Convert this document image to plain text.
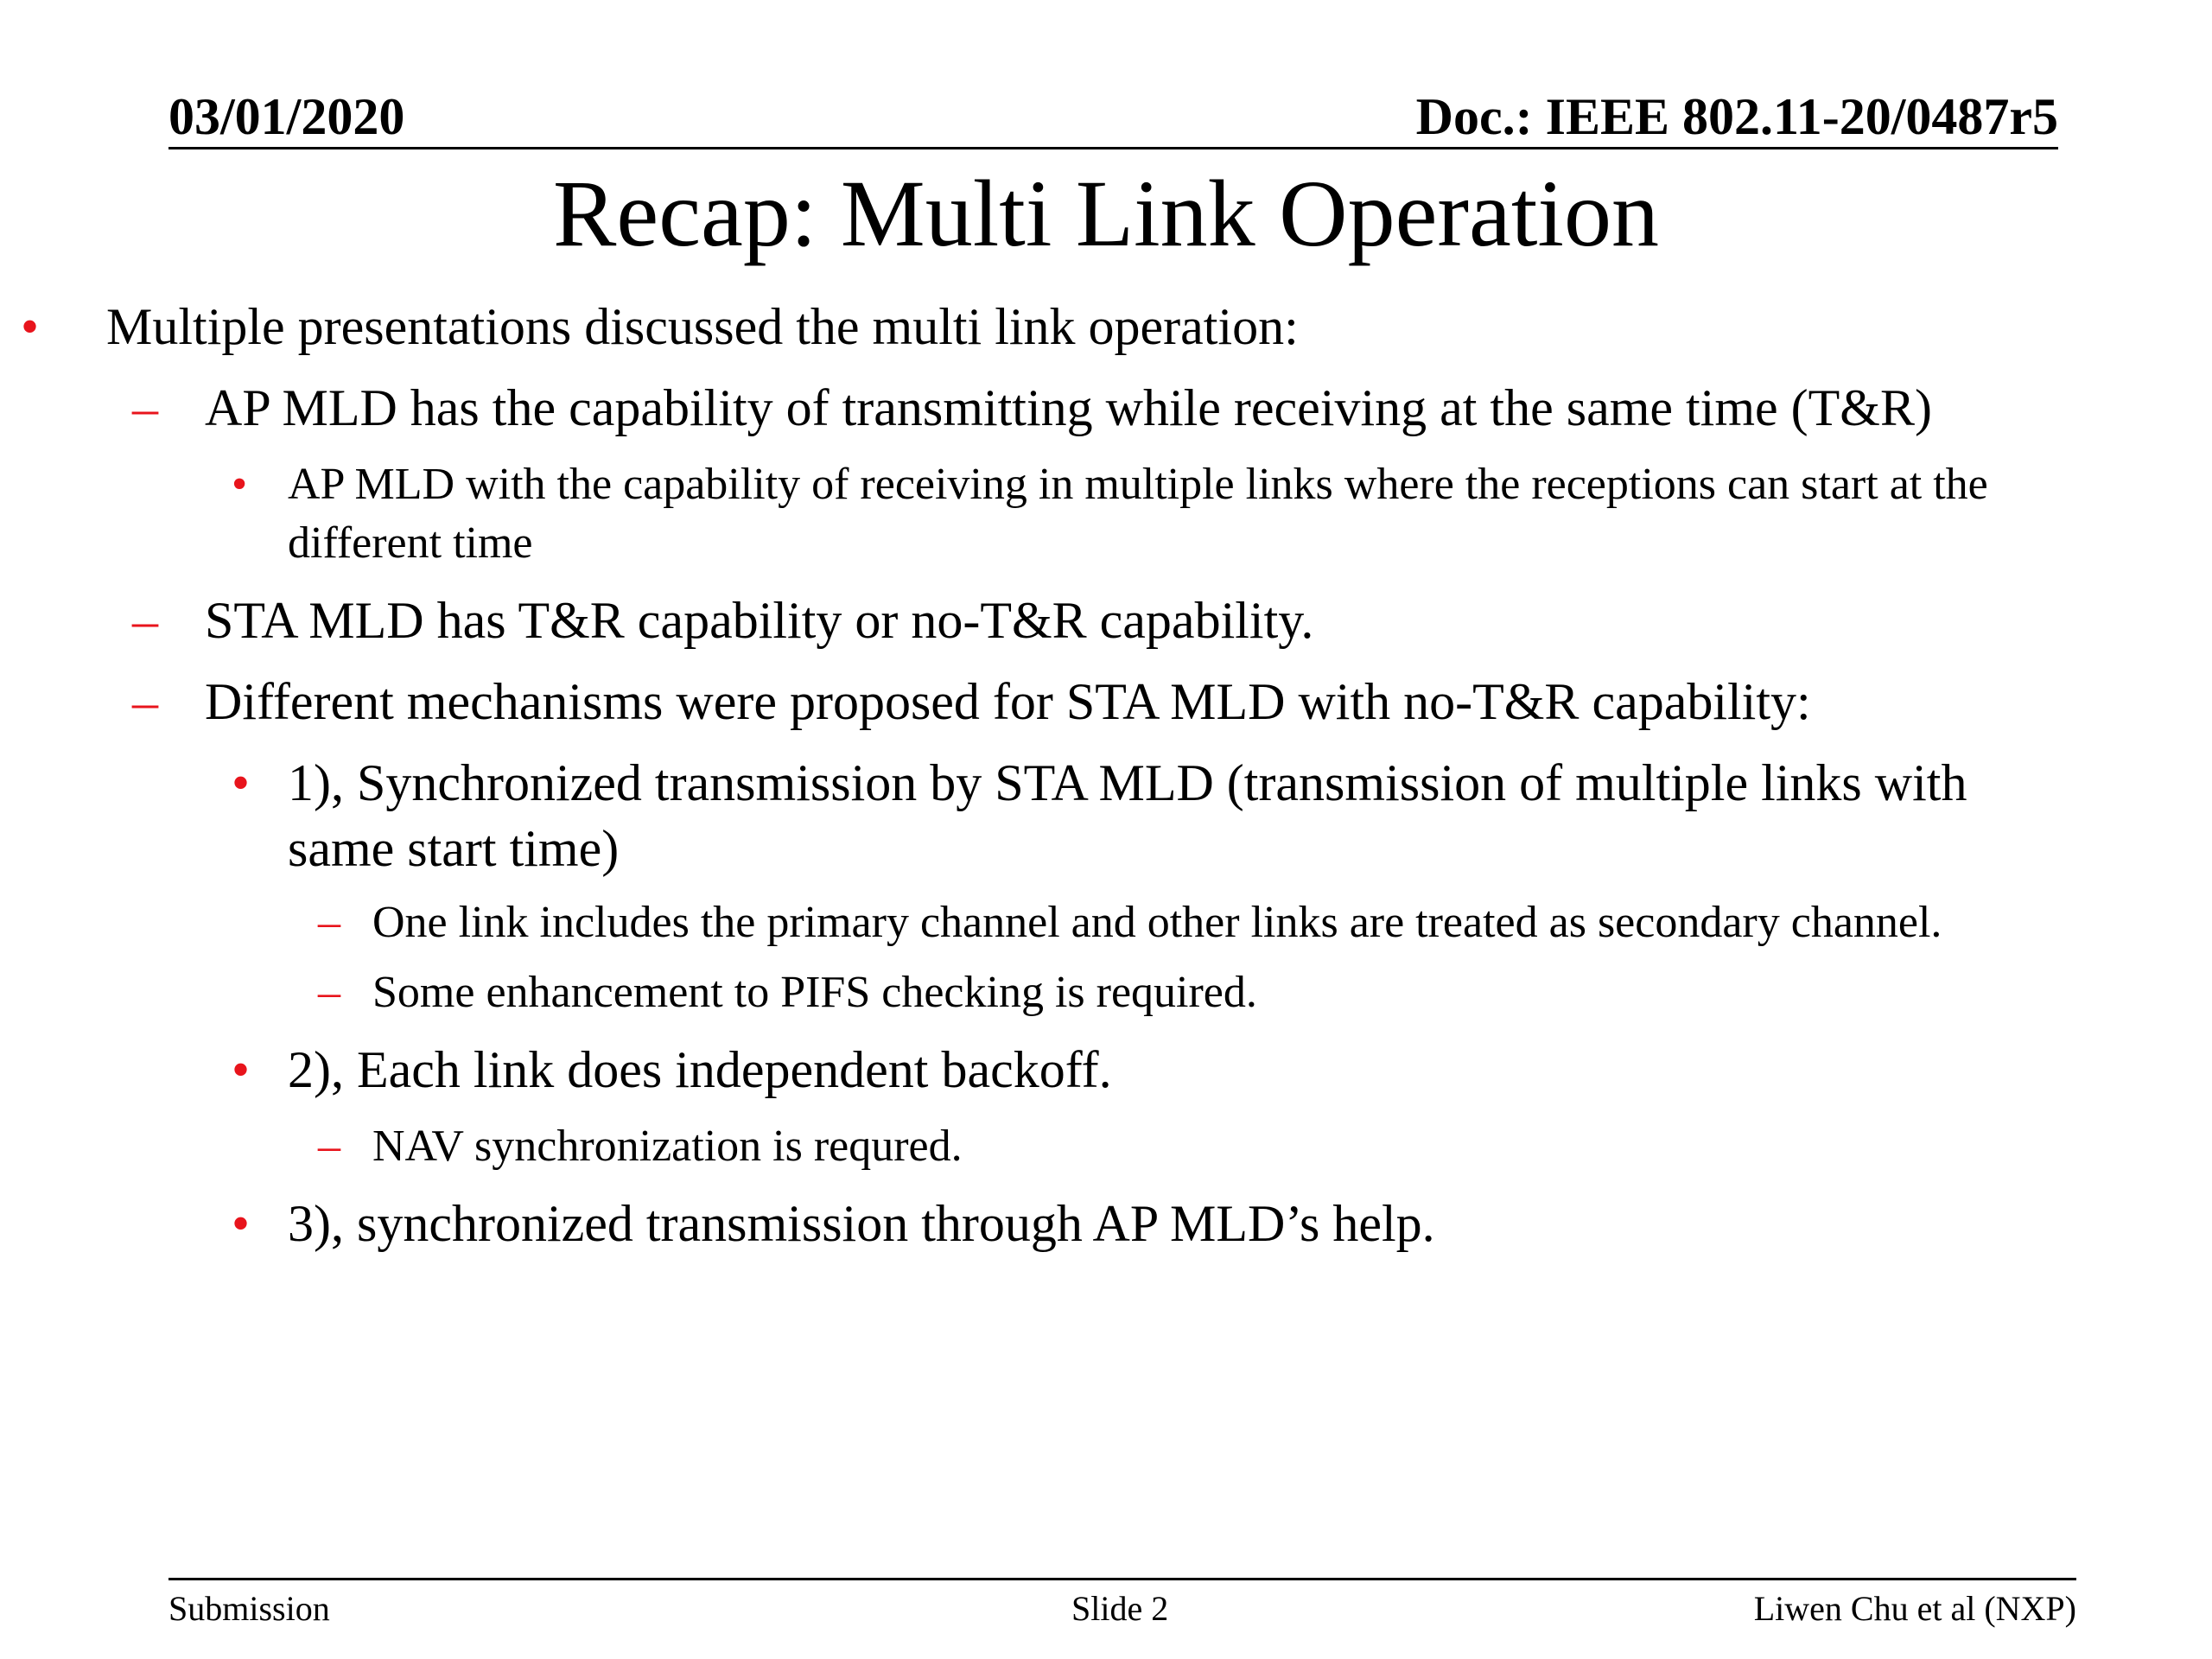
03/01/2020	Doc.: IEEE 802.11-20/0487r5
Recap: Multi Link Operation
• Multiple presentations discussed the multi link operation:
– AP MLD has the capability of transmitting while receiving at the same time (T&R)
• AP MLD with the capability of receiving in multiple links where the receptions can start at the
different time
– STA MLD has T&R capability or no-T&R capability.
– Different mechanisms were proposed for STA MLD with no-T&R capability:
• 1), Synchronized transmission by STA MLD (transmission of multiple links with
same start time)
– One link includes the primary channel and other links are treated as secondary channel.
– Some enhancement to PIFS checking is required.
• 2), Each link does independent backoff.
– NAV synchronization is requred.
• 3), synchronized transmission through AP MLD’s help.
Submission	Slide 2	Liwen Chu et al (NXP)
